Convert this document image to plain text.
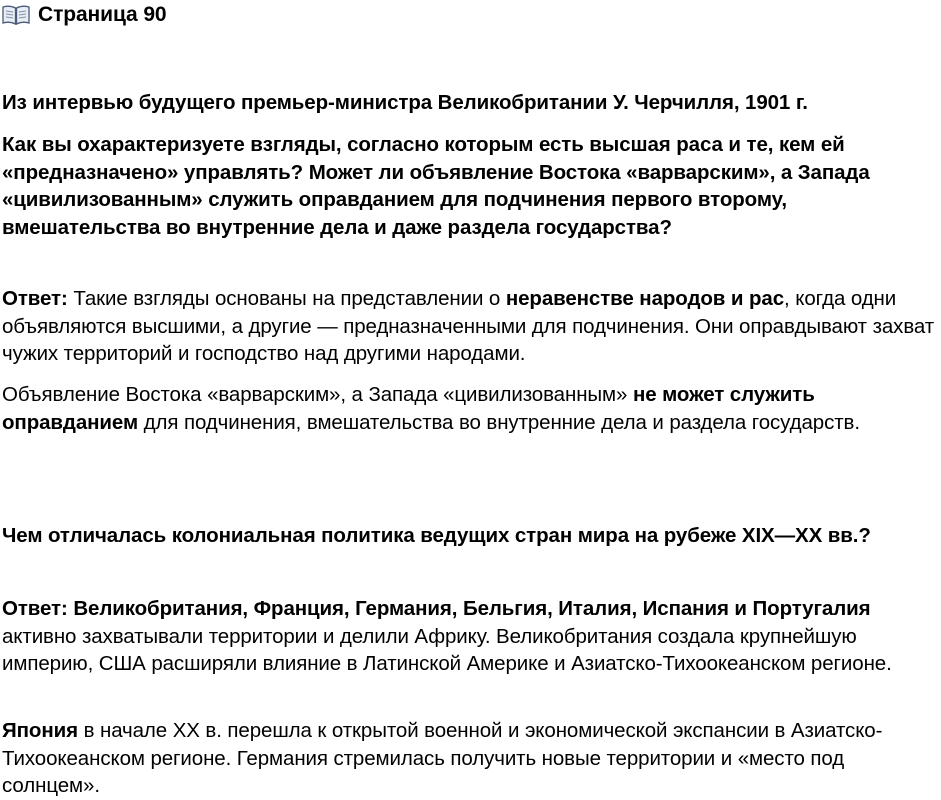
Страница 90

Из интервью будущего премьер-министра Великобритании У. Черчилля, 1901 г.

Как вы охарактеризуете взгляды, согласно которым есть высшая раса и те, кем ей «предназначено» управлять? Может ли объявление Востока «варварским», а Запада «цивилизованным» служить оправданием для подчинения первого второму, вмешательства во внутренние дела и даже раздела государства?

Ответ: Такие взгляды основаны на представлении о неравенстве народов и рас, когда одни объявляются высшими, а другие — предназначенными для подчинения. Они оправдывают захват чужих территорий и господство над другими народами.

Объявление Востока «варварским», а Запада «цивилизованным» не может служить оправданием для подчинения, вмешательства во внутренние дела и раздела государств.

Чем отличалась колониальная политика ведущих стран мира на рубеже XIX—XX вв.?

Ответ: Великобритания, Франция, Германия, Бельгия, Италия, Испания и Португалия активно захватывали территории и делили Африку. Великобритания создала крупнейшую империю, США расширяли влияние в Латинской Америке и Азиатско-Тихоокеанском регионе.

Япония в начале XX в. перешла к открытой военной и экономической экспансии в Азиатско-Тихоокеанском регионе. Германия стремилась получить новые территории и «место под солнцем».
